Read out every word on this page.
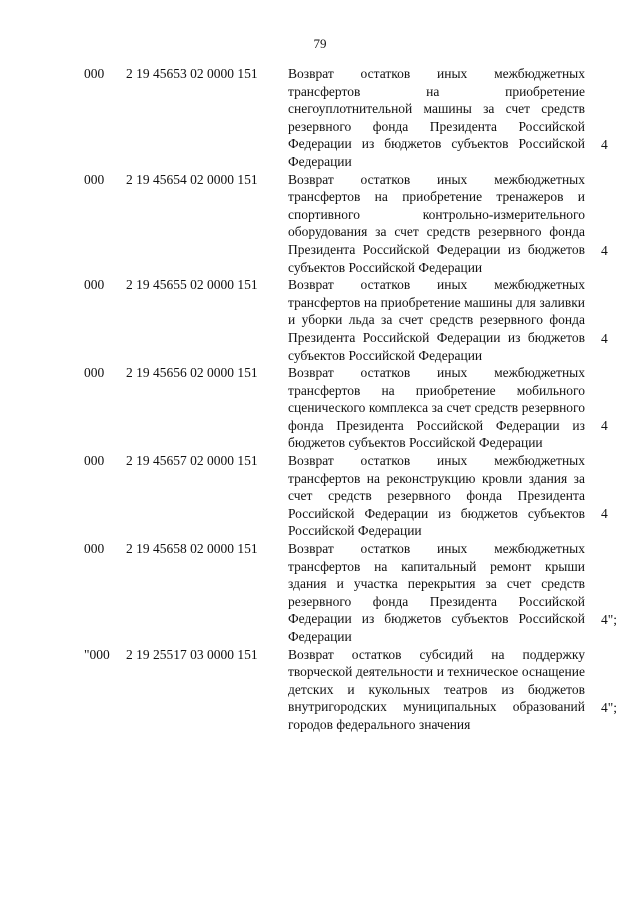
79
000 2 19 45653 02 0000 151 Возврат остатков иных межбюджетных трансфертов на приобретение снегоуплотнительной машины за счет средств резервного фонда Президента Российской Федерации из бюджетов субъектов Российской Федерации
4
000 2 19 45654 02 0000 151 Возврат остатков иных межбюджетных трансфертов на приобретение тренажеров и спортивного контрольно-измерительного оборудования за счет средств резервного фонда Президента Российской Федерации из бюджетов субъектов Российской Федерации
4
000 2 19 45655 02 0000 151 Возврат остатков иных межбюджетных трансфертов на приобретение машины для заливки и уборки льда за счет средств резервного фонда Президента Российской Федерации из бюджетов субъектов Российской Федерации
4
000 2 19 45656 02 0000 151 Возврат остатков иных межбюджетных трансфертов на приобретение мобильного сценического комплекса за счет средств резервного фонда Президента Российской Федерации из бюджетов субъектов Российской Федерации
4
000 2 19 45657 02 0000 151 Возврат остатков иных межбюджетных трансфертов на реконструкцию кровли здания за счет средств резервного фонда Президента Российской Федерации из бюджетов субъектов Российской Федерации
4
000 2 19 45658 02 0000 151 Возврат остатков иных межбюджетных трансфертов на капитальный ремонт крыши здания и участка перекрытия за счет средств резервного фонда Президента Российской Федерации из бюджетов субъектов Российской Федерации
4";
"000 2 19 25517 03 0000 151 Возврат остатков субсидий на поддержку творческой деятельности и техническое оснащение детских и кукольных театров из бюджетов внутригородских муниципальных образований городов федерального значения
4";
